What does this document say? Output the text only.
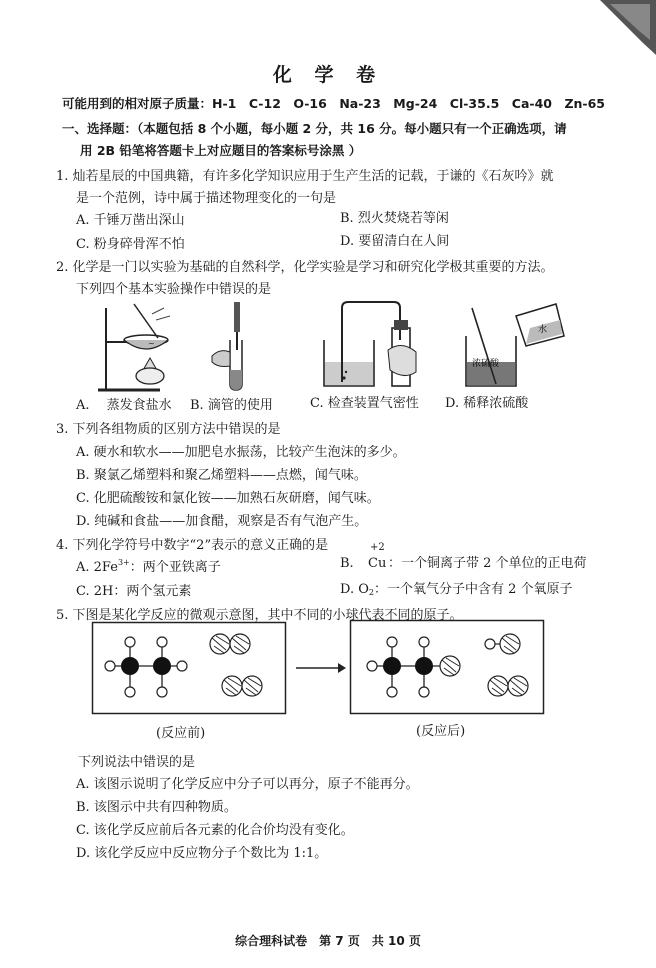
化 学 卷
可能用到的相对原子质量：H-1　C-12　O-16　Na-23　Mg-24　Cl-35.5　Ca-40　Zn-65
一、选择题：（本题包括 8 个小题，每小题 2 分，共 16 分。每小题只有一个正确选项，请
用 2B 铅笔将答题卡上对应题目的答案标号涂黑 ）
1. 灿若星辰的中国典籍，有许多化学知识应用于生产生活的记载，于谦的《石灰吟》就
是一个范例，诗中属于描述物理变化的一句是
A. 千锤万凿出深山	B. 烈火焚烧若等闲
C. 粉身碎骨浑不怕	D. 要留清白在人间
2. 化学是一门以实验为基础的自然科学，化学实验是学习和研究化学极其重要的方法。
下列四个基本实验操作中错误的是
~
浓硫酸
水
A.　 蒸发食盐水 B. 滴管的使用	C. 检查装置气密性 D. 稀释浓硫酸
3. 下列各组物质的区别方法中错误的是
A. 硬水和软水——加肥皂水振荡，比较产生泡沫的多少。
B. 聚氯乙烯塑料和聚乙烯塑料——点燃，闻气味。
C. 化肥硫酸铵和氯化铵——加熟石灰研磨，闻气味。
D. 纯碱和食盐——加食醋，观察是否有气泡产生。
4. 下列化学符号中数字“2”表示的意义正确的是
A. $2Fe^{3+}$：两个亚铁离子	B.
+2
Cu ：一个铜离子带 2 个单位的正电荷
C. 2H：两个氢元素	D. $O_2$：一个氧气分子中含有 2 个氧原子
5. 下图是某化学反应的微观示意图，其中不同的小球代表不同的原子。
(反应前)	(反应后)
下列说法中错误的是
A. 该图示说明了化学反应中分子可以再分，原子不能再分。
B. 该图示中共有四种物质。
C. 该化学反应前后各元素的化合价均没有变化。
D. 该化学反应中反应物分子个数比为 1:1。
综合理科试卷　第 7 页　共 10 页
